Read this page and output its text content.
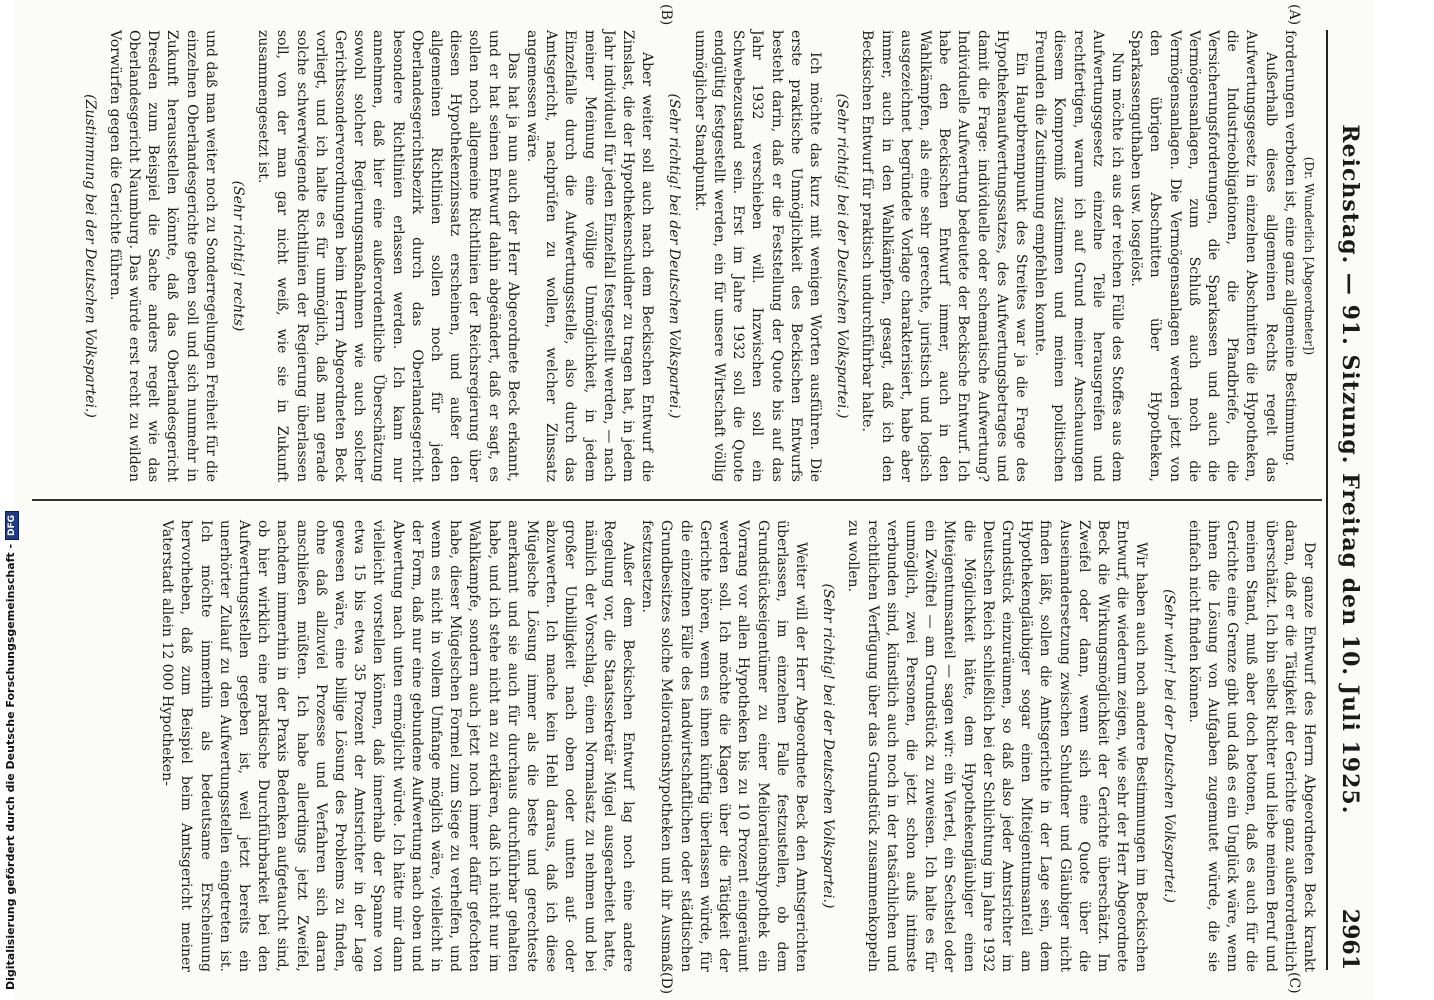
Reichstag. — 91. Sitzung. Freitag den 10. Juli 1925.
2961
(A)
(B)
(C)
(D)

(Dr. Wunderlich [Abgeordneter])

forderungen verboten ist, eine ganz allgemeine Bestimmung.

Außerhalb dieses allgemeinen Rechts regelt das Aufwertungsgesetz in einzelnen Abschnitten die Hypotheken, die Industrieobligationen, die Pfandbriefe, die Versicherungsforderungen, die Sparkassen und auch die Vermögensanlagen, zum Schluß auch noch die Vermögensanlagen. Die Vermögensanlagen werden jetzt von den übrigen Abschnitten über Hypotheken, Sparkassenguthaben usw. losgelöst.

Nun möchte ich aus der reichen Fülle des Stoffes aus dem Aufwertungsgesetz einzelne Teile herausgreifen und rechtfertigen, warum ich auf Grund meiner Anschauungen diesem Kompromiß zustimmen und meinen politischen Freunden die Zustimmung empfehlen konnte.

Ein Hauptbrennpunkt des Streites war ja die Frage des Hypothekenaufwertungssatzes, des Aufwertungsbetrages und damit die Frage: individuelle oder schematische Aufwertung? Individuelle Aufwertung bedeutete der Beckische Entwurf. Ich habe den Beckischen Entwurf immer, auch in den Wahlkämpfen, als eine sehr gerechte, juristisch und logisch ausgezeichnet begründete Vorlage charakterisiert, habe aber immer, auch in den Wahlkämpfen, gesagt, daß ich den Beckischen Entwurf für praktisch undurchführbar halte.

(Sehr richtig! bei der Deutschen Volkspartei.)

Ich möchte das kurz mit wenigen Worten ausführen. Die erste praktische Unmöglichkeit des Beckischen Entwurfs besteht darin, daß er die Feststellung der Quote bis auf das Jahr 1932 verschieben will. Inzwischen soll ein Schwebezustand sein. Erst im Jahre 1932 soll die Quote endgültig festgestellt werden, ein für unsere Wirtschaft völlig unmöglicher Standpunkt.

(Sehr richtig! bei der Deutschen Volkspartei.)

Aber weiter soll auch nach dem Beckischen Entwurf die Zinslast, die der Hypothekenschuldner zu tragen hat, in jedem Jahr individuell für jeden Einzelfall festgestellt werden, — nach meiner Meinung eine völlige Unmöglichkeit, in jedem Einzelfalle durch die Aufwertungsstelle, also durch das Amtsgericht, nachprüfen zu wollen, welcher Zinssatz angemessen wäre.

Das hat ja nun auch der Herr Abgeordnete Beck erkannt, und er hat seinen Entwurf dahin abgeändert, daß er sagt, es sollen noch allgemeine Richtlinien der Reichsregierung über diesen Hypothekenzinssatz erscheinen, und außer den allgemeinen Richtlinien sollen noch für jeden Oberlandesgerichtsbezirk durch das Oberlandesgericht besondere Richtlinien erlassen werden. Ich kann nur annehmen, daß hier eine außerordentliche Überschätzung sowohl solcher Regierungsmaßnahmen wie auch solcher Gerichtssonderverordnungen beim Herrn Abgeordneten Beck vorliegt, und ich halte es für unmöglich, daß man gerade solche schwerwiegende Richtlinien der Regierung überlassen soll, von der man gar nicht weiß, wie sie in Zukunft zusammengesetzt ist.

(Sehr richtig! rechts)

und daß man weiter noch zu Sonderregelungen Freiheit für die einzelnen Oberlandesgerichte geben soll und sich nunmehr in Zukunft herausstellen könnte, daß das Oberlandesgericht Dresden zum Beispiel die Sache anders regelt wie das Oberlandesgericht Naumburg. Das würde erst recht zu wilden Vorwürfen gegen die Gerichte führen.

(Zustimmung bei der Deutschen Volkspartei.)

Der ganze Entwurf des Herrn Abgeordneten Beck krankt daran, daß er die Tätigkeit der Gerichte ganz außerordentlich überschätzt. Ich bin selbst Richter und liebe meinen Beruf und meinen Stand, muß aber doch betonen, daß es auch für die Gerichte eine Grenze gibt und daß es ein Unglück wäre, wenn ihnen die Lösung von Aufgaben zugemutet würde, die sie einfach nicht finden können.

(Sehr wahr! bei der Deutschen Volkspartei.)

Wir haben auch noch andere Bestimmungen im Beckischen Entwurf, die wiederum zeigen, wie sehr der Herr Abgeordnete Beck die Wirkungsmöglichkeit der Gerichte überschätzt. Im Zweifel oder dann, wenn sich eine Quote über die Auseinandersetzung zwischen Schuldner und Gläubiger nicht finden läßt, sollen die Amtsgerichte in der Lage sein, dem Hypothekengläubiger sogar einen Miteigentumsanteil am Grundstück einzuräumen, so daß also jeder Amtsrichter im Deutschen Reich schließlich bei der Schlichtung im Jahre 1932 die Möglichkeit hätte, dem Hypothekengläubiger einen Miteigentumsanteil — sagen wir: ein Viertel, ein Sechstel oder ein Zwölftel — am Grundstück zu zuweisen. Ich halte es für unmöglich, zwei Personen, die jetzt schon aufs intimste verbunden sind, künstlich auch noch in der tatsächlichen und rechtlichen Verfügung über das Grundstück zusammenkoppeln zu wollen.

(Sehr richtig! bei der Deutschen Volkspartei.)

Weiter will der Herr Abgeordnete Beck den Amtsgerichten überlassen, im einzelnen Falle festzustellen, ob dem Grundstückseigentümer zu einer Meliorationshypothek ein Vorrang vor allen Hypotheken bis zu 10 Prozent eingeräumt werden soll. Ich möchte die Klagen über die Tätigkeit der Gerichte hören, wenn es ihnen künftig überlassen würde, für die einzelnen Fälle des landwirtschaftlichen oder städtischen Grundbesitzes solche Meliorationshypotheken und ihr Ausmaß festzusetzen.

Außer dem Beckischen Entwurf lag noch eine andere Regelung vor, die Staatssekretär Mügel ausgearbeitet hatte, nämlich der Vorschlag, einen Normalsatz zu nehmen und bei großer Unbilligkeit nach oben oder unten auf- oder abzuwerten. Ich mache kein Hehl daraus, daß ich diese Mügelsche Lösung immer als die beste und gerechteste anerkannt und sie auch für durchaus durchführbar gehalten habe, und ich stehe nicht an zu erklären, daß ich nicht nur im Wahlkampfe, sondern auch jetzt noch immer dafür gefochten habe, dieser Mügelschen Formel zum Siege zu verhelfen, und wenn es nicht in vollem Umfange möglich wäre, vielleicht in der Form, daß nur eine gebundene Aufwertung nach oben und Abwertung nach unten ermöglicht würde. Ich hätte mir dann vielleicht vorstellen können, daß innerhalb der Spanne von etwa 15 bis etwa 35 Prozent der Amtsrichter in der Lage gewesen wäre, eine billige Lösung des Problems zu finden, ohne daß allzuviel Prozesse und Verfahren sich daran anschließen müßten. Ich habe allerdings jetzt Zweifel, nachdem immerhin in der Praxis Bedenken aufgetaucht sind, ob hier wirklich eine praktische Durchführbarkeit bei den Aufwertungsstellen gegeben ist, weil jetzt bereits ein unerhörter Zulauf zu den Aufwertungsstellen eingetreten ist. Ich möchte immerhin als bedeutsame Erscheinung hervorheben, daß zum Beispiel beim Amtsgericht meiner Vaterstadt allein 12 000 Hypotheken-

Digitalisierung gefördert durch die Deutsche Forschungsgemeinschaft -DFG
